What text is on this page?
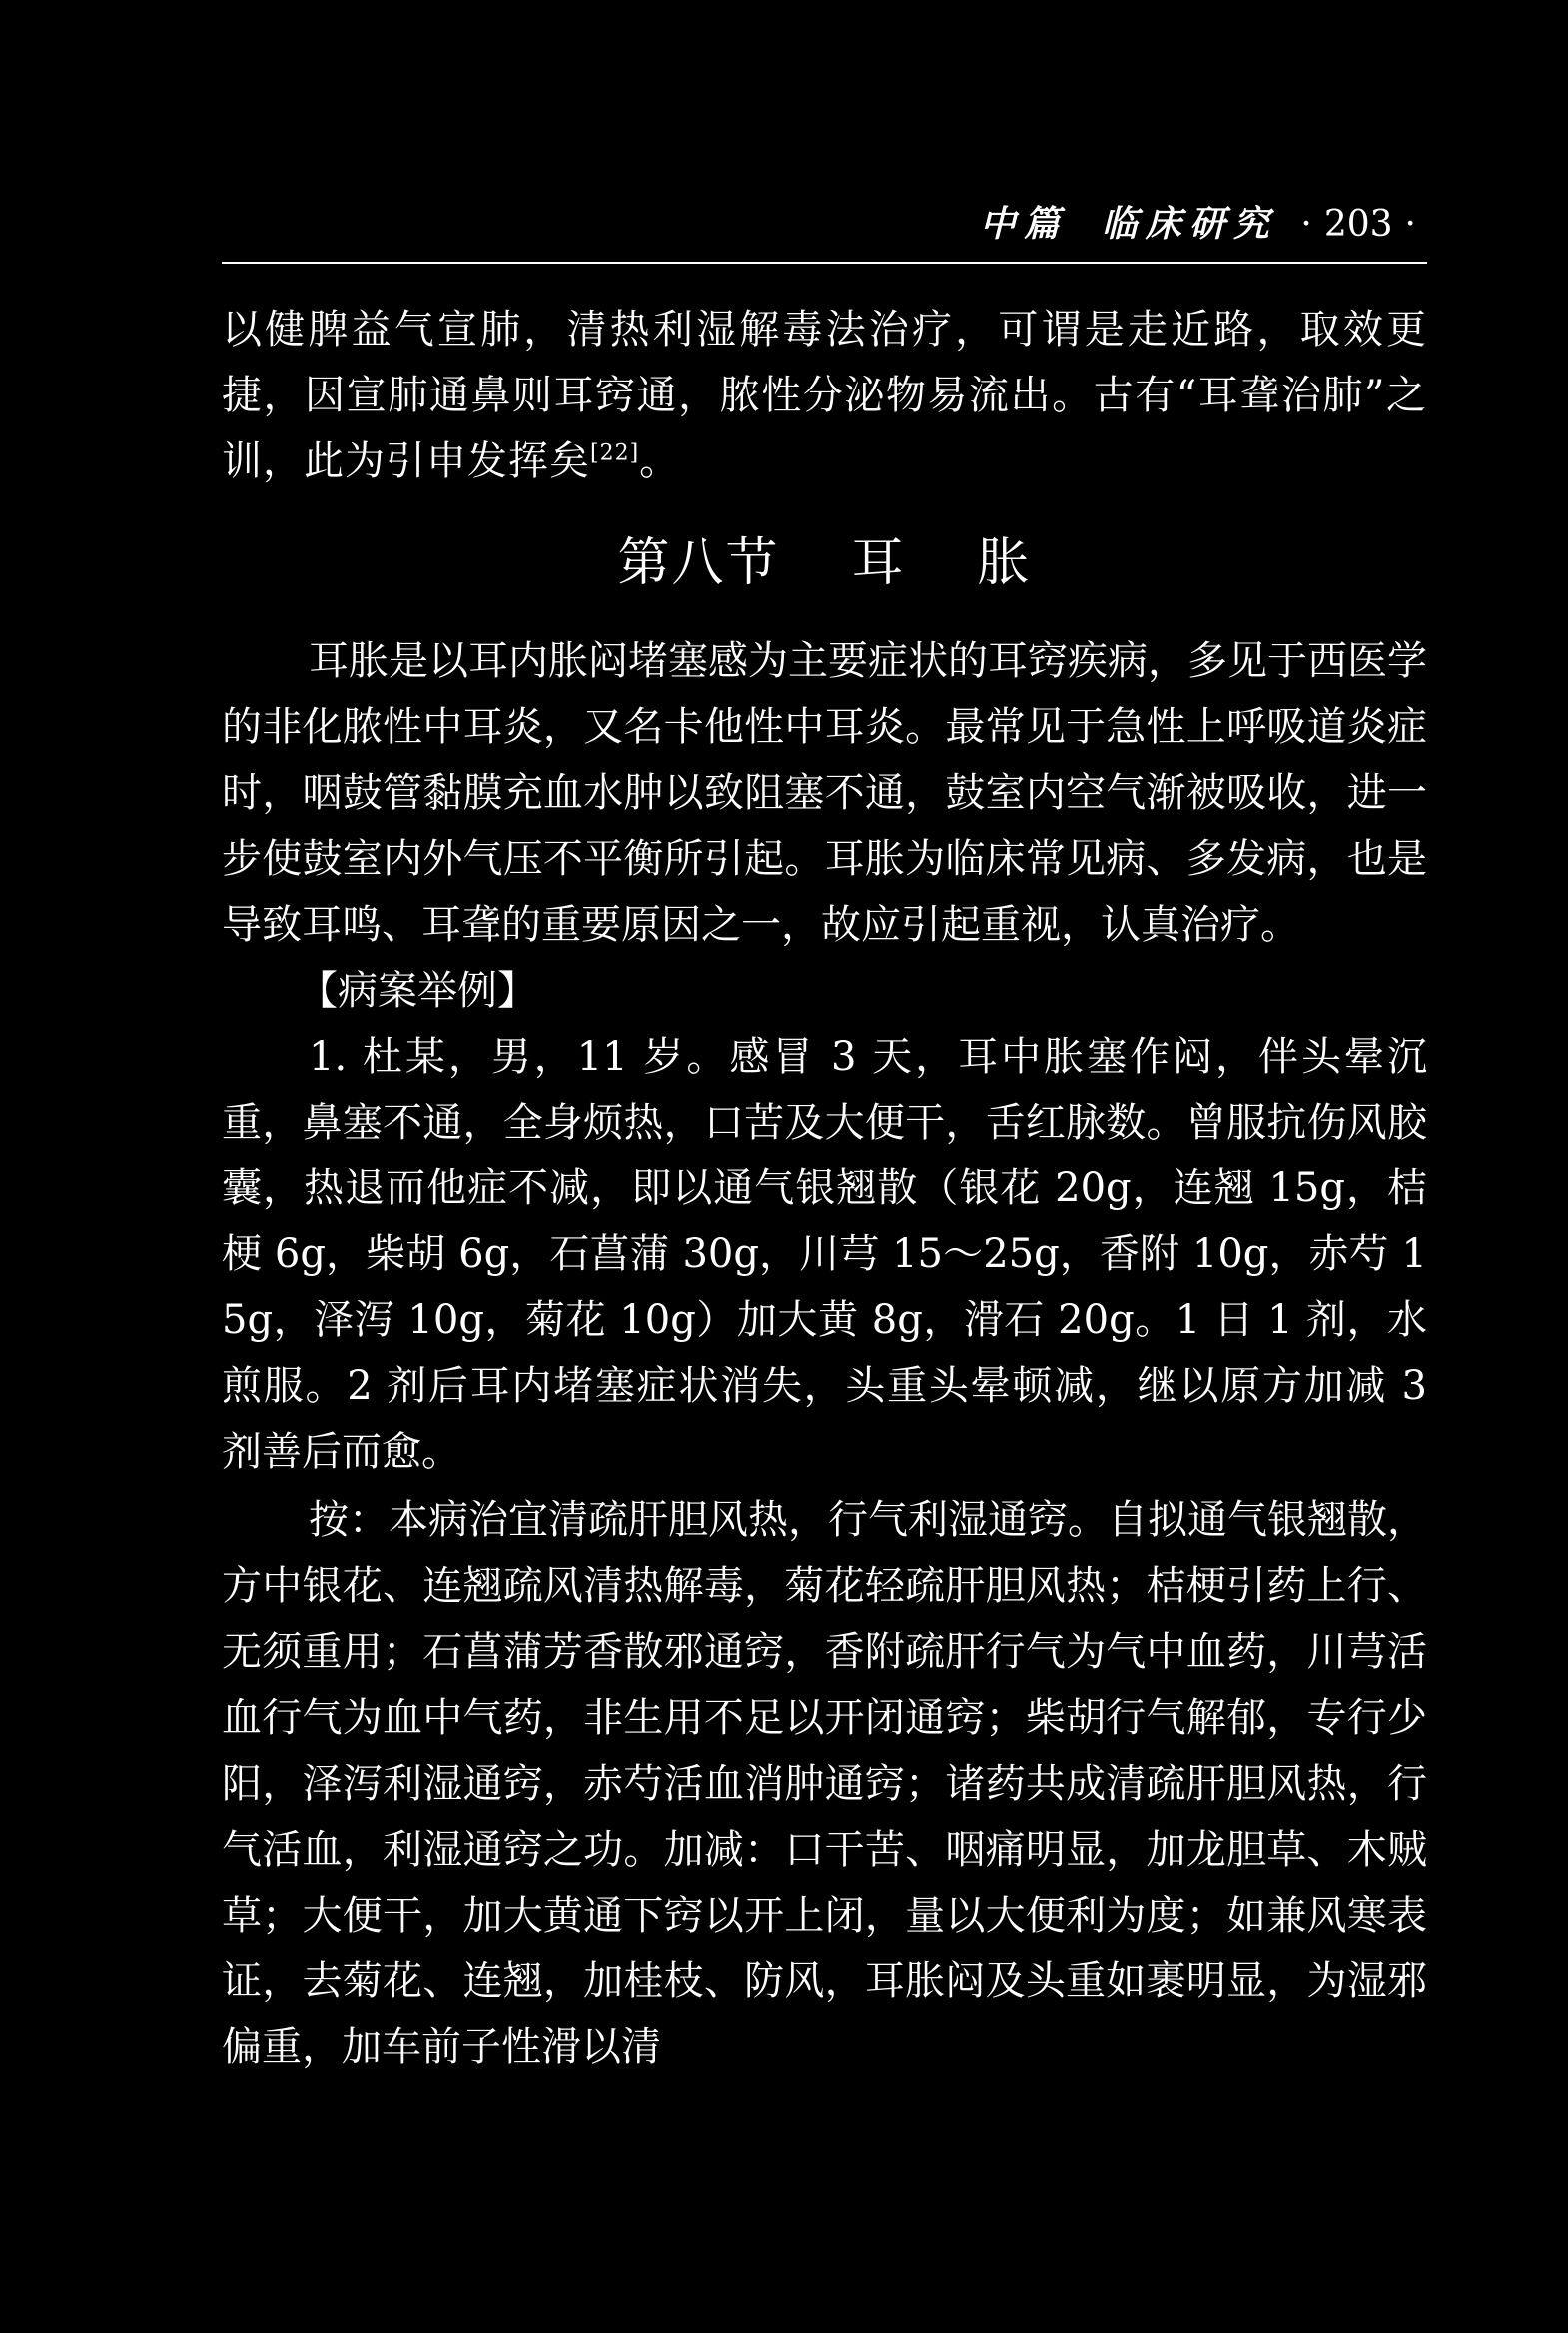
中篇 临床研究 · 203 ·

以健脾益气宣肺，清热利湿解毒法治疗，可谓是走近路，取效更捷，因宣肺通鼻则耳窍通，脓性分泌物易流出。古有“耳聋治肺”之训，此为引申发挥矣[22]。

第八节 耳 胀

耳胀是以耳内胀闷堵塞感为主要症状的耳窍疾病，多见于西医学的非化脓性中耳炎，又名卡他性中耳炎。最常见于急性上呼吸道炎症时，咽鼓管黏膜充血水肿以致阻塞不通，鼓室内空气渐被吸收，进一步使鼓室内外气压不平衡所引起。耳胀为临床常见病、多发病，也是导致耳鸣、耳聋的重要原因之一，故应引起重视，认真治疗。

【病案举例】

1. 杜某，男，11 岁。感冒 3 天，耳中胀塞作闷，伴头晕沉重，鼻塞不通，全身烦热，口苦及大便干，舌红脉数。曾服抗伤风胶囊，热退而他症不减，即以通气银翘散（银花 20g，连翘 15g，桔梗 6g，柴胡 6g，石菖蒲 30g，川芎 15～25g，香附 10g，赤芍 15g，泽泻 10g，菊花 10g）加大黄 8g，滑石 20g。1 日 1 剂，水煎服。2 剂后耳内堵塞症状消失，头重头晕顿减，继以原方加减 3 剂善后而愈。

按：本病治宜清疏肝胆风热，行气利湿通窍。自拟通气银翘散，方中银花、连翘疏风清热解毒，菊花轻疏肝胆风热；桔梗引药上行、无须重用；石菖蒲芳香散邪通窍，香附疏肝行气为气中血药，川芎活血行气为血中气药，非生用不足以开闭通窍；柴胡行气解郁，专行少阳，泽泻利湿通窍，赤芍活血消肿通窍；诸药共成清疏肝胆风热，行气活血，利湿通窍之功。加减：口干苦、咽痛明显，加龙胆草、木贼草；大便干，加大黄通下窍以开上闭，量以大便利为度；如兼风寒表证，去菊花、连翘，加桂枝、防风，耳胀闷及头重如裹明显，为湿邪偏重，加车前子性滑以清
